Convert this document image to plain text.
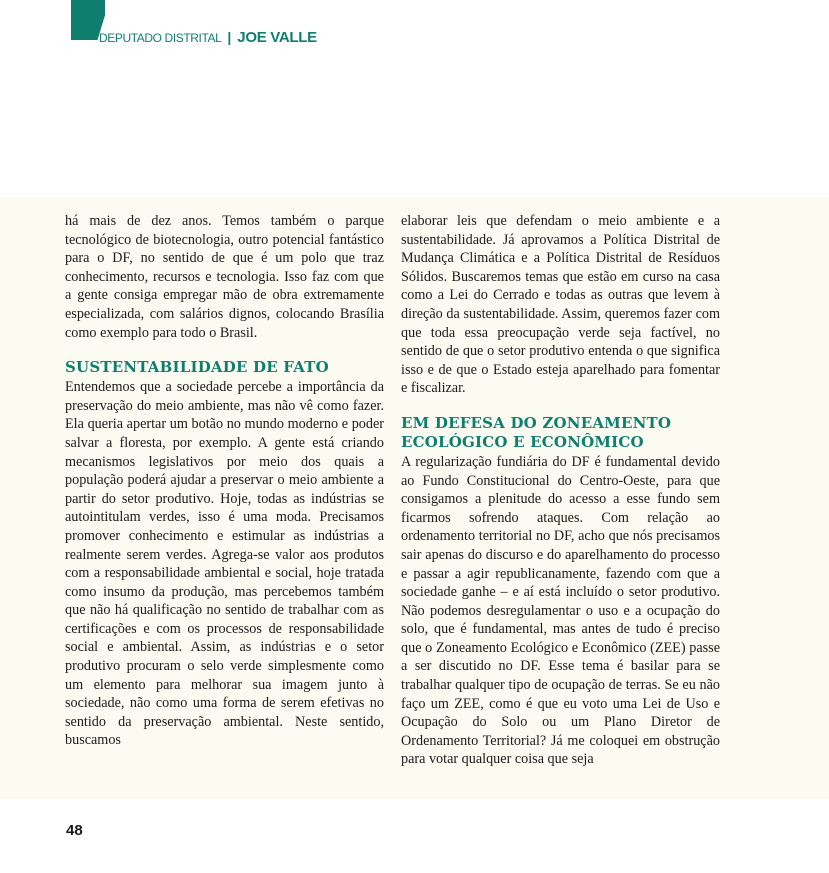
DEPUTADO DISTRITAL | JOE VALLE

há mais de dez anos. Temos também o parque tecnológico de biotecnologia, outro potencial fantástico para o DF, no sentido de que é um polo que traz conhecimento, recursos e tecnologia. Isso faz com que a gente consiga empregar mão de obra extremamente especializada, com salários dignos, colocando Brasília como exemplo para todo o Brasil.

SUSTENTABILIDADE DE FATO

Entendemos que a sociedade percebe a importância da preservação do meio ambiente, mas não vê como fazer. Ela queria apertar um botão no mundo moderno e poder salvar a floresta, por exemplo. A gente está criando mecanismos legislativos por meio dos quais a população poderá ajudar a preservar o meio ambiente a partir do setor produtivo. Hoje, todas as indústrias se autointitulam verdes, isso é uma moda. Precisamos promover conhecimento e estimular as indústrias a realmente serem verdes. Agrega-se valor aos produtos com a responsabilidade ambiental e social, hoje tratada como insumo da produção, mas percebemos também que não há qualificação no sentido de trabalhar com as certificações e com os processos de responsabilidade social e ambiental. Assim, as indústrias e o setor produtivo procuram o selo verde simplesmente como um elemento para melhorar sua imagem junto à sociedade, não como uma forma de serem efetivas no sentido da preservação ambiental. Neste sentido, buscamos

elaborar leis que defendam o meio ambiente e a sustentabilidade. Já aprovamos a Política Distrital de Mudança Climática e a Política Distrital de Resíduos Sólidos. Buscaremos temas que estão em curso na casa como a Lei do Cerrado e todas as outras que levem à direção da sustentabilidade. Assim, queremos fazer com que toda essa preocupação verde seja factível, no sentido de que o setor produtivo entenda o que significa isso e de que o Estado esteja aparelhado para fomentar e fiscalizar.

EM DEFESA DO ZONEAMENTO ECOLÓGICO E ECONÔMICO

A regularização fundiária do DF é fundamental devido ao Fundo Constitucional do Centro-Oeste, para que consigamos a plenitude do acesso a esse fundo sem ficarmos sofrendo ataques. Com relação ao ordenamento territorial no DF, acho que nós precisamos sair apenas do discurso e do aparelhamento do processo e passar a agir republicanamente, fazendo com que a sociedade ganhe – e aí está incluído o setor produtivo. Não podemos desregulamentar o uso e a ocupação do solo, que é fundamental, mas antes de tudo é preciso que o Zoneamento Ecológico e Econômico (ZEE) passe a ser discutido no DF. Esse tema é basilar para se trabalhar qualquer tipo de ocupação de terras. Se eu não faço um ZEE, como é que eu voto uma Lei de Uso e Ocupação do Solo ou um Plano Diretor de Ordenamento Territorial? Já me coloquei em obstrução para votar qualquer coisa que seja

48
